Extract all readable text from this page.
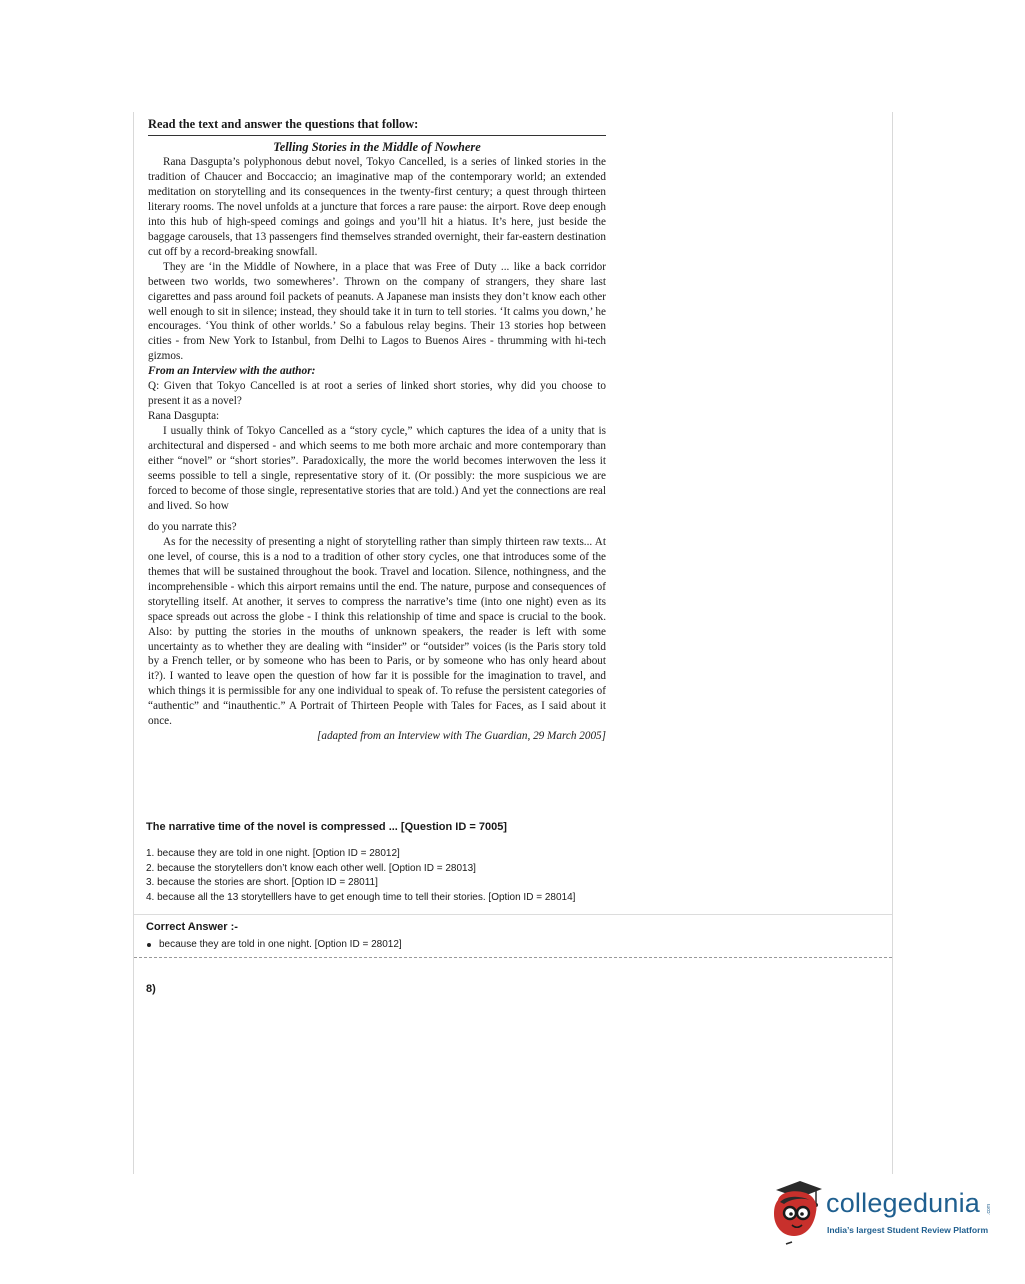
Read the text and answer the questions that follow:

Telling Stories in the Middle of Nowhere

Rana Dasgupta’s polyphonous debut novel, Tokyo Cancelled, is a series of linked stories in the tradition of Chaucer and Boccaccio; an imaginative map of the contemporary world; an extended meditation on storytelling and its consequences in the twenty-first century; a quest through thirteen literary rooms. The novel unfolds at a juncture that forces a rare pause: the airport. Rove deep enough into this hub of high-speed comings and goings and you’ll hit a hiatus. It’s here, just beside the baggage carousels, that 13 passengers find themselves stranded overnight, their far-eastern destination cut off by a record-breaking snowfall.

They are ‘in the Middle of Nowhere, in a place that was Free of Duty ... like a back corridor between two worlds, two somewheres’. Thrown on the company of strangers, they share last cigarettes and pass around foil packets of peanuts. A Japanese man insists they don’t know each other well enough to sit in silence; instead, they should take it in turn to tell stories. ‘It calms you down,’ he encourages. ‘You think of other worlds.’ So a fabulous relay begins. Their 13 stories hop between cities - from New York to Istanbul, from Delhi to Lagos to Buenos Aires - thrumming with hi-tech gizmos.

From an Interview with the author:

Q: Given that Tokyo Cancelled is at root a series of linked short stories, why did you choose to present it as a novel?

Rana Dasgupta:

I usually think of Tokyo Cancelled as a “story cycle,” which captures the idea of a unity that is architectural and dispersed - and which seems to me both more archaic and more contemporary than either “novel” or “short stories”. Paradoxically, the more the world becomes interwoven the less it seems possible to tell a single, representative story of it. (Or possibly: the more suspicious we are forced to become of those single, representative stories that are told.) And yet the connections are real and lived. So how

do you narrate this?

As for the necessity of presenting a night of storytelling rather than simply thirteen raw texts... At one level, of course, this is a nod to a tradition of other story cycles, one that introduces some of the themes that will be sustained throughout the book. Travel and location. Silence, nothingness, and the incomprehensible - which this airport remains until the end. The nature, purpose and consequences of storytelling itself. At another, it serves to compress the narrative’s time (into one night) even as its space spreads out across the globe - I think this relationship of time and space is crucial to the book. Also: by putting the stories in the mouths of unknown speakers, the reader is left with some uncertainty as to whether they are dealing with “insider” or “outsider” voices (is the Paris story told by a French teller, or by someone who has been to Paris, or by someone who has only heard about it?). I wanted to leave open the question of how far it is possible for the imagination to travel, and which things it is permissible for any one individual to speak of. To refuse the persistent categories of “authentic” and “inauthentic.” A Portrait of Thirteen People with Tales for Faces, as I said about it once.

[adapted from an Interview with The Guardian, 29 March 2005]

The narrative time of the novel is compressed ... [Question ID = 7005]

1. because they are told in one night. [Option ID = 28012]
2. because the storytellers don’t know each other well. [Option ID = 28013]
3. because the stories are short. [Option ID = 28011]
4. because all the 13 storytelllers have to get enough time to tell their stories. [Option ID = 28014]

Correct Answer :-

because they are told in one night. [Option ID = 28012]
8)
collegedunia .com
India’s largest Student Review Platform
